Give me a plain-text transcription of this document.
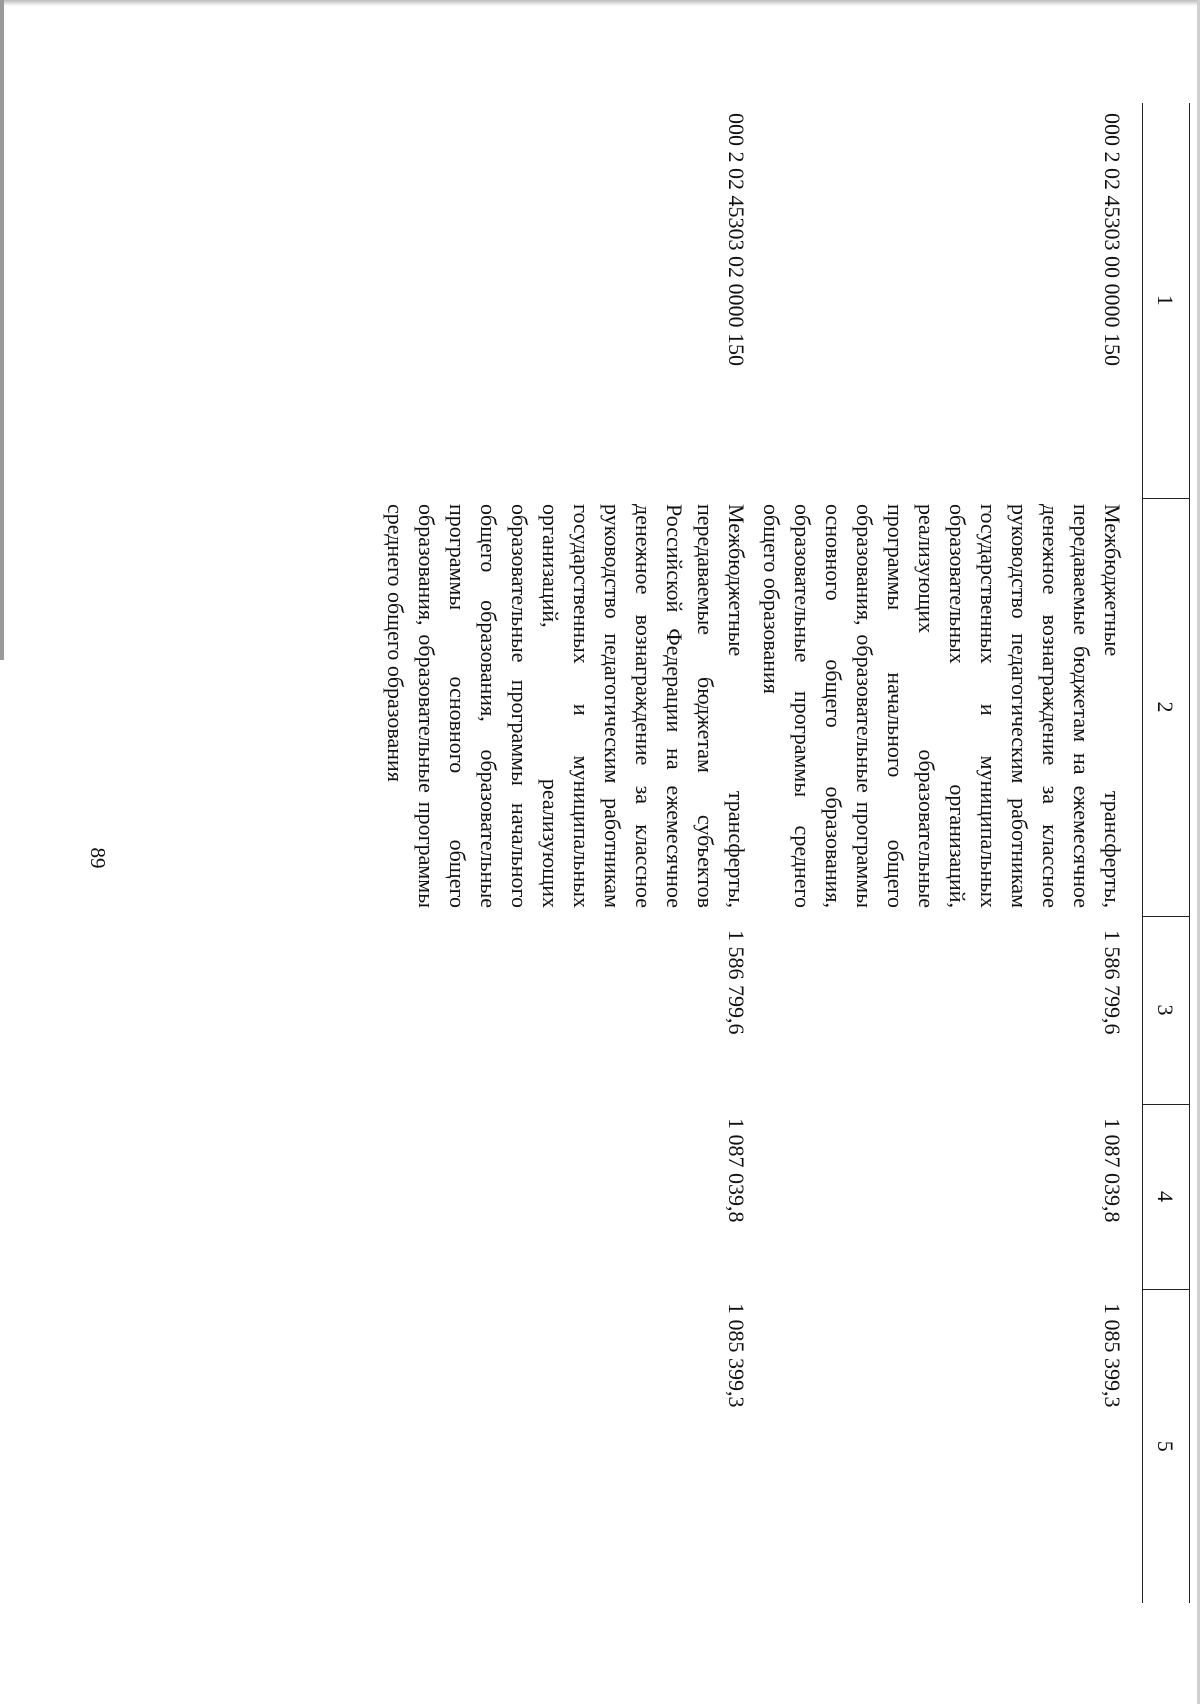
89
1	2	3	4	5
000 2 02 45303 00 0000 150	Межбюджетные трансферты, передаваемые бюджетам на ежемесячное денежное вознаграждение за классное руководство педагогическим работникам государственных и муниципальных образовательных организаций, реализующих образовательные программы начального общего образования, образовательные программы основного общего образования, образовательные программы среднего общего образования	1 586 799,6	1 087 039,8	1 085 399,3
000 2 02 45303 02 0000 150	Межбюджетные трансферты, передаваемые бюджетам субъектов Российской Федерации на ежемесячное денежное вознаграждение за классное руководство педагогическим работникам государственных и муниципальных организаций, реализующих образовательные программы начального общего образования, образовательные программы основного общего образования, образовательные программы среднего общего образования	1 586 799,6	1 087 039,8	1 085 399,3
